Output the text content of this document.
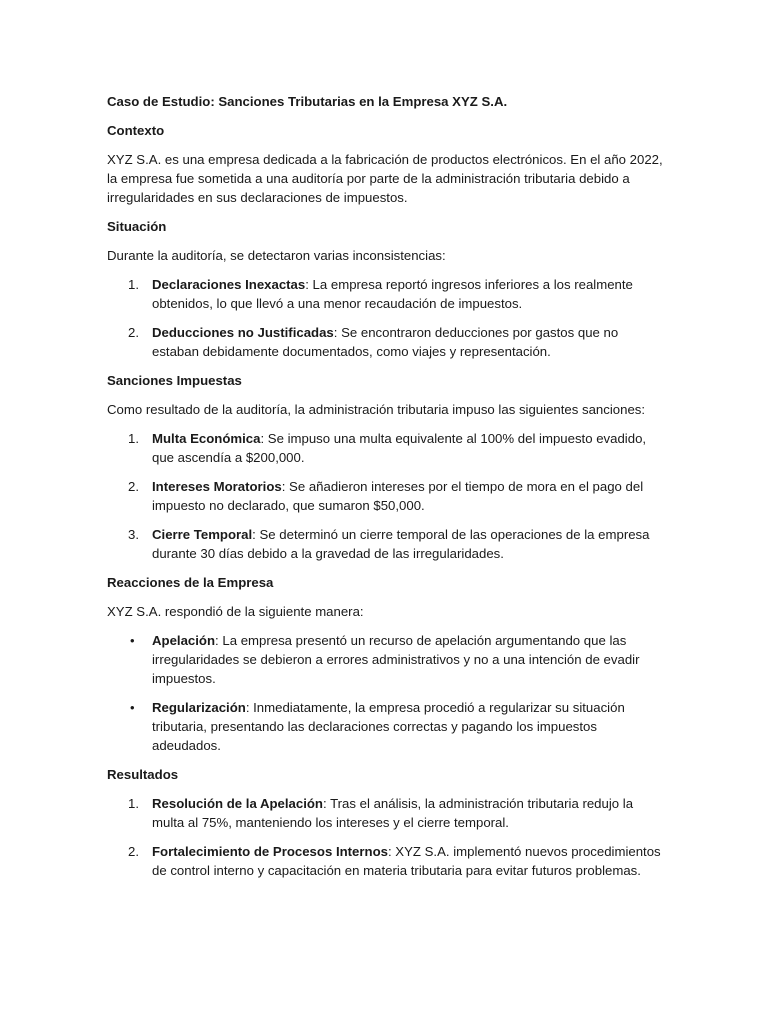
Caso de Estudio: Sanciones Tributarias en la Empresa XYZ S.A.
Contexto
XYZ S.A. es una empresa dedicada a la fabricación de productos electrónicos. En el año 2022, la empresa fue sometida a una auditoría por parte de la administración tributaria debido a irregularidades en sus declaraciones de impuestos.
Situación
Durante la auditoría, se detectaron varias inconsistencias:
1. Declaraciones Inexactas: La empresa reportó ingresos inferiores a los realmente obtenidos, lo que llevó a una menor recaudación de impuestos.
2. Deducciones no Justificadas: Se encontraron deducciones por gastos que no estaban debidamente documentados, como viajes y representación.
Sanciones Impuestas
Como resultado de la auditoría, la administración tributaria impuso las siguientes sanciones:
1. Multa Económica: Se impuso una multa equivalente al 100% del impuesto evadido, que ascendía a $200,000.
2. Intereses Moratorios: Se añadieron intereses por el tiempo de mora en el pago del impuesto no declarado, que sumaron $50,000.
3. Cierre Temporal: Se determinó un cierre temporal de las operaciones de la empresa durante 30 días debido a la gravedad de las irregularidades.
Reacciones de la Empresa
XYZ S.A. respondió de la siguiente manera:
• Apelación: La empresa presentó un recurso de apelación argumentando que las irregularidades se debieron a errores administrativos y no a una intención de evadir impuestos.
• Regularización: Inmediatamente, la empresa procedió a regularizar su situación tributaria, presentando las declaraciones correctas y pagando los impuestos adeudados.
Resultados
1. Resolución de la Apelación: Tras el análisis, la administración tributaria redujo la multa al 75%, manteniendo los intereses y el cierre temporal.
2. Fortalecimiento de Procesos Internos: XYZ S.A. implementó nuevos procedimientos de control interno y capacitación en materia tributaria para evitar futuros problemas.
